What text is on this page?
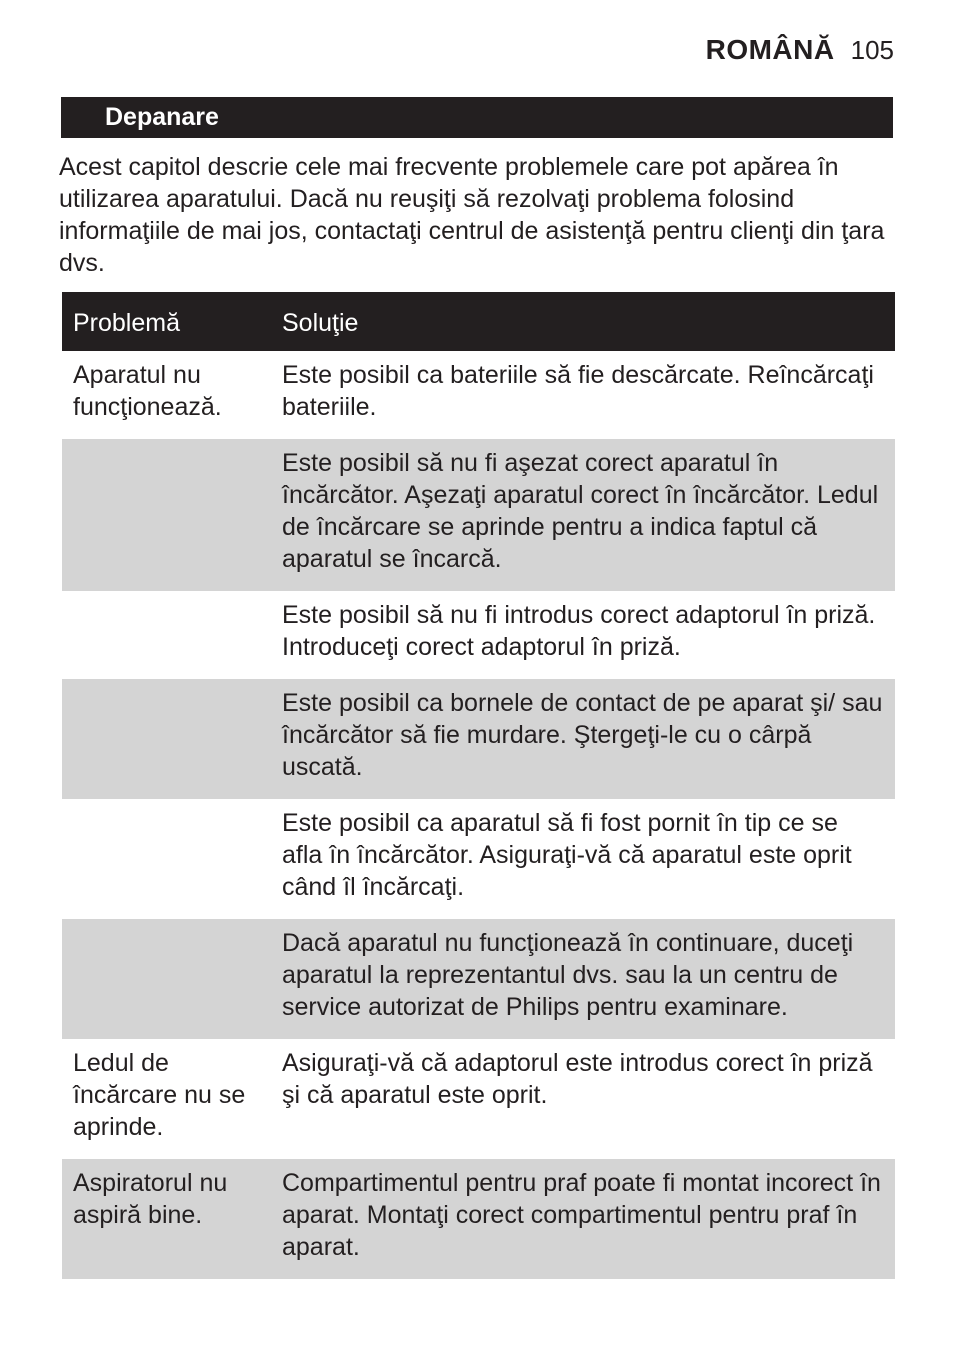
ROMÂNĂ 105
Depanare

Acest capitol descrie cele mai frecvente problemele care pot apărea în utilizarea aparatului. Dacă nu reuşiţi să rezolvaţi problema folosind informaţiile de mai jos, contactaţi centrul de asistenţă pentru clienţi din ţara dvs.

Problemă	Soluţie
Aparatul nu funcţionează.	Este posibil ca bateriile să fie descărcate. Reîncărcaţi bateriile.
	Este posibil să nu fi aşezat corect aparatul în încărcător. Aşezaţi aparatul corect în încărcător. Ledul de încărcare se aprinde pentru a indica faptul că aparatul se încarcă.
	Este posibil să nu fi introdus corect adaptorul în priză. Introduceţi corect adaptorul în priză.
	Este posibil ca bornele de contact de pe aparat şi/ sau încărcător să fie murdare. Ştergeţi-le cu o cârpă uscată.
	Este posibil ca aparatul să fi fost pornit în tip ce se afla în încărcător. Asiguraţi-vă că aparatul este oprit când îl încărcaţi.
	Dacă aparatul nu funcţionează în continuare, duceţi aparatul la reprezentantul dvs. sau la un centru de service autorizat de Philips pentru examinare.
Ledul de încărcare nu se aprinde.	Asiguraţi-vă că adaptorul este introdus corect în priză şi că aparatul este oprit.
Aspiratorul nu aspiră bine.	Compartimentul pentru praf poate fi montat incorect în aparat. Montaţi corect compartimentul pentru praf în aparat.
